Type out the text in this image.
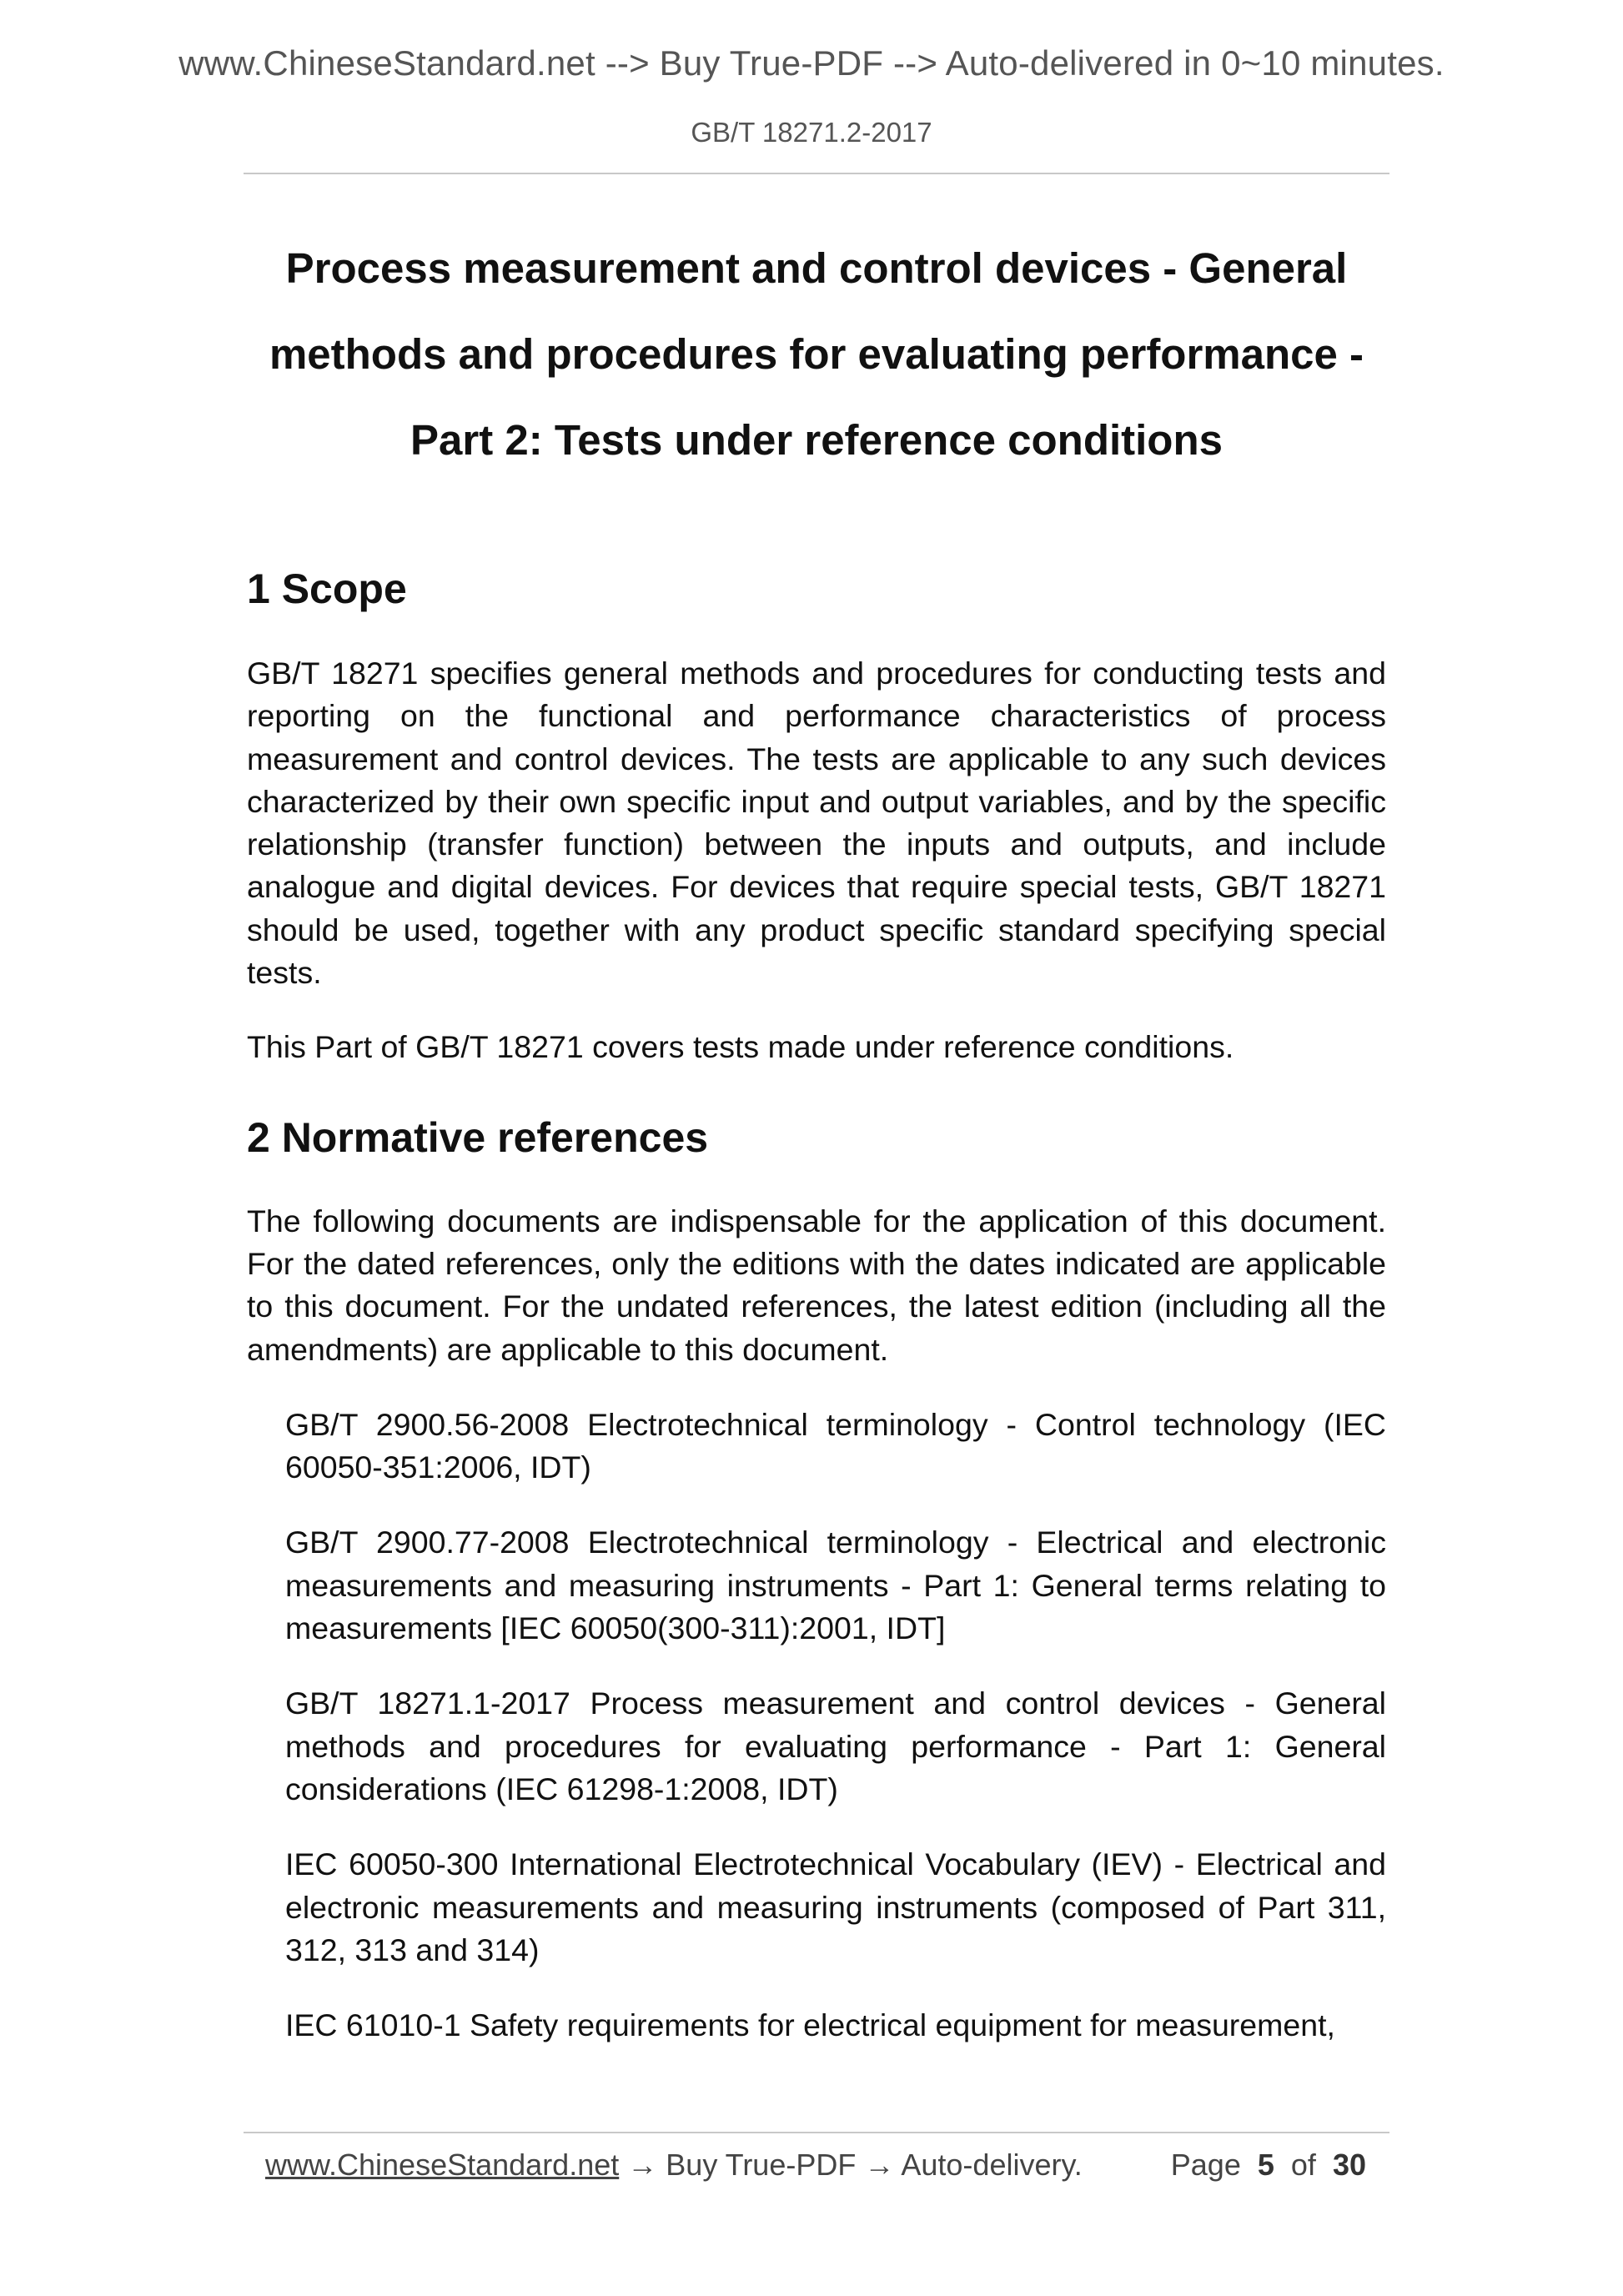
www.ChineseStandard.net --> Buy True-PDF --> Auto-delivered in 0~10 minutes.
GB/T 18271.2-2017
Process measurement and control devices - General
methods and procedures for evaluating performance -
Part 2: Tests under reference conditions
1 Scope

GB/T 18271 specifies general methods and procedures for conducting tests and reporting on the functional and performance characteristics of process measurement and control devices. The tests are applicable to any such devices characterized by their own specific input and output variables, and by the specific relationship (transfer function) between the inputs and outputs, and include analogue and digital devices. For devices that require special tests, GB/T 18271 should be used, together with any product specific standard specifying special tests.

This Part of GB/T 18271 covers tests made under reference conditions.

2 Normative references

The following documents are indispensable for the application of this document. For the dated references, only the editions with the dates indicated are applicable to this document. For the undated references, the latest edition (including all the amendments) are applicable to this document.

GB/T 2900.56-2008 Electrotechnical terminology - Control technology (IEC 60050-351:2006, IDT)

GB/T 2900.77-2008 Electrotechnical terminology - Electrical and electronic measurements and measuring instruments - Part 1: General terms relating to measurements [IEC 60050(300-311):2001, IDT]

GB/T 18271.1-2017 Process measurement and control devices - General methods and procedures for evaluating performance - Part 1: General considerations (IEC 61298-1:2008, IDT)

IEC 60050-300 International Electrotechnical Vocabulary (IEV) - Electrical and electronic measurements and measuring instruments (composed of Part 311, 312, 313 and 314)

IEC 61010-1 Safety requirements for electrical equipment for measurement,

www.ChineseStandard.net → Buy True-PDF → Auto-delivery.	Page 5 of 30
